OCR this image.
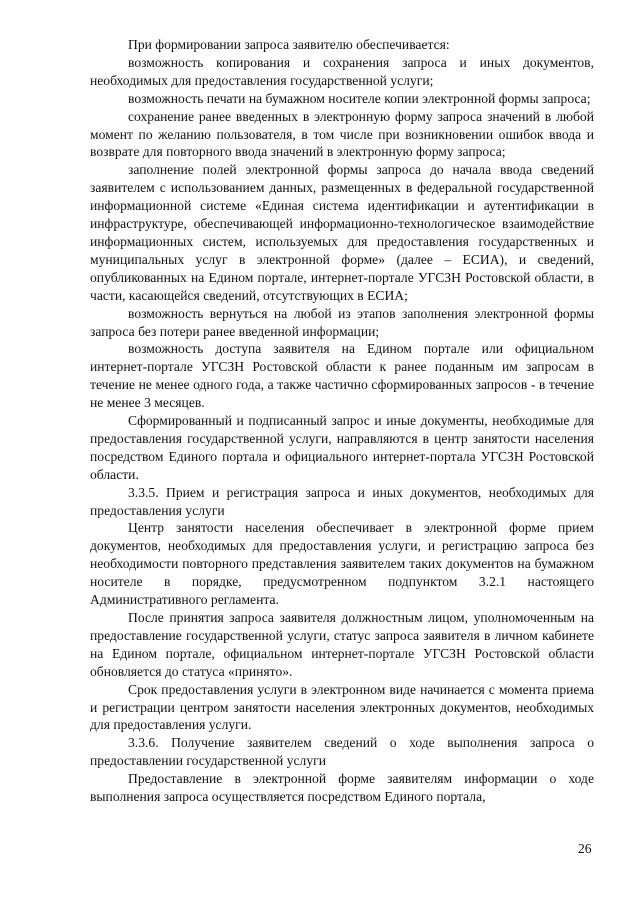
При формировании запроса заявителю обеспечивается:

возможность копирования и сохранения запроса и иных документов, необходимых для предоставления государственной услуги;

возможность печати на бумажном носителе копии электронной формы запроса;

сохранение ранее введенных в электронную форму запроса значений в любой момент по желанию пользователя, в том числе при возникновении ошибок ввода и возврате для повторного ввода значений в электронную форму запроса;

заполнение полей электронной формы запроса до начала ввода сведений заявителем с использованием данных, размещенных в федеральной государственной информационной системе «Единая система идентификации и аутентификации в инфраструктуре, обеспечивающей информационно-технологическое взаимодействие информационных систем, используемых для предоставления государственных и муниципальных услуг в электронной форме» (далее – ЕСИА), и сведений, опубликованных на Едином портале, интернет-портале УГСЗН Ростовской области, в части, касающейся сведений, отсутствующих в ЕСИА;

возможность вернуться на любой из этапов заполнения электронной формы запроса без потери ранее введенной информации;

возможность доступа заявителя на Едином портале или официальном интернет-портале УГСЗН Ростовской области к ранее поданным им запросам в течение не менее одного года, а также частично сформированных запросов - в течение не менее 3 месяцев.

Сформированный и подписанный запрос и иные документы, необходимые для предоставления государственной услуги, направляются в центр занятости населения посредством Единого портала и официального интернет-портала УГСЗН Ростовской области.

3.3.5. Прием и регистрация запроса и иных документов, необходимых для предоставления услуги

Центр занятости населения обеспечивает в электронной форме прием документов, необходимых для предоставления услуги, и регистрацию запроса без необходимости повторного представления заявителем таких документов на бумажном носителе в порядке, предусмотренном подпунктом 3.2.1 настоящего Административного регламента.

После принятия запроса заявителя должностным лицом, уполномоченным на предоставление государственной услуги, статус запроса заявителя в личном кабинете на Едином портале, официальном интернет-портале УГСЗН Ростовской области обновляется до статуса «принято».

Срок предоставления услуги в электронном виде начинается с момента приема и регистрации центром занятости населения электронных документов, необходимых для предоставления услуги.

3.3.6. Получение заявителем сведений о ходе выполнения запроса о предоставлении государственной услуги

Предоставление в электронной форме заявителям информации о ходе выполнения запроса осуществляется посредством Единого портала,

26
